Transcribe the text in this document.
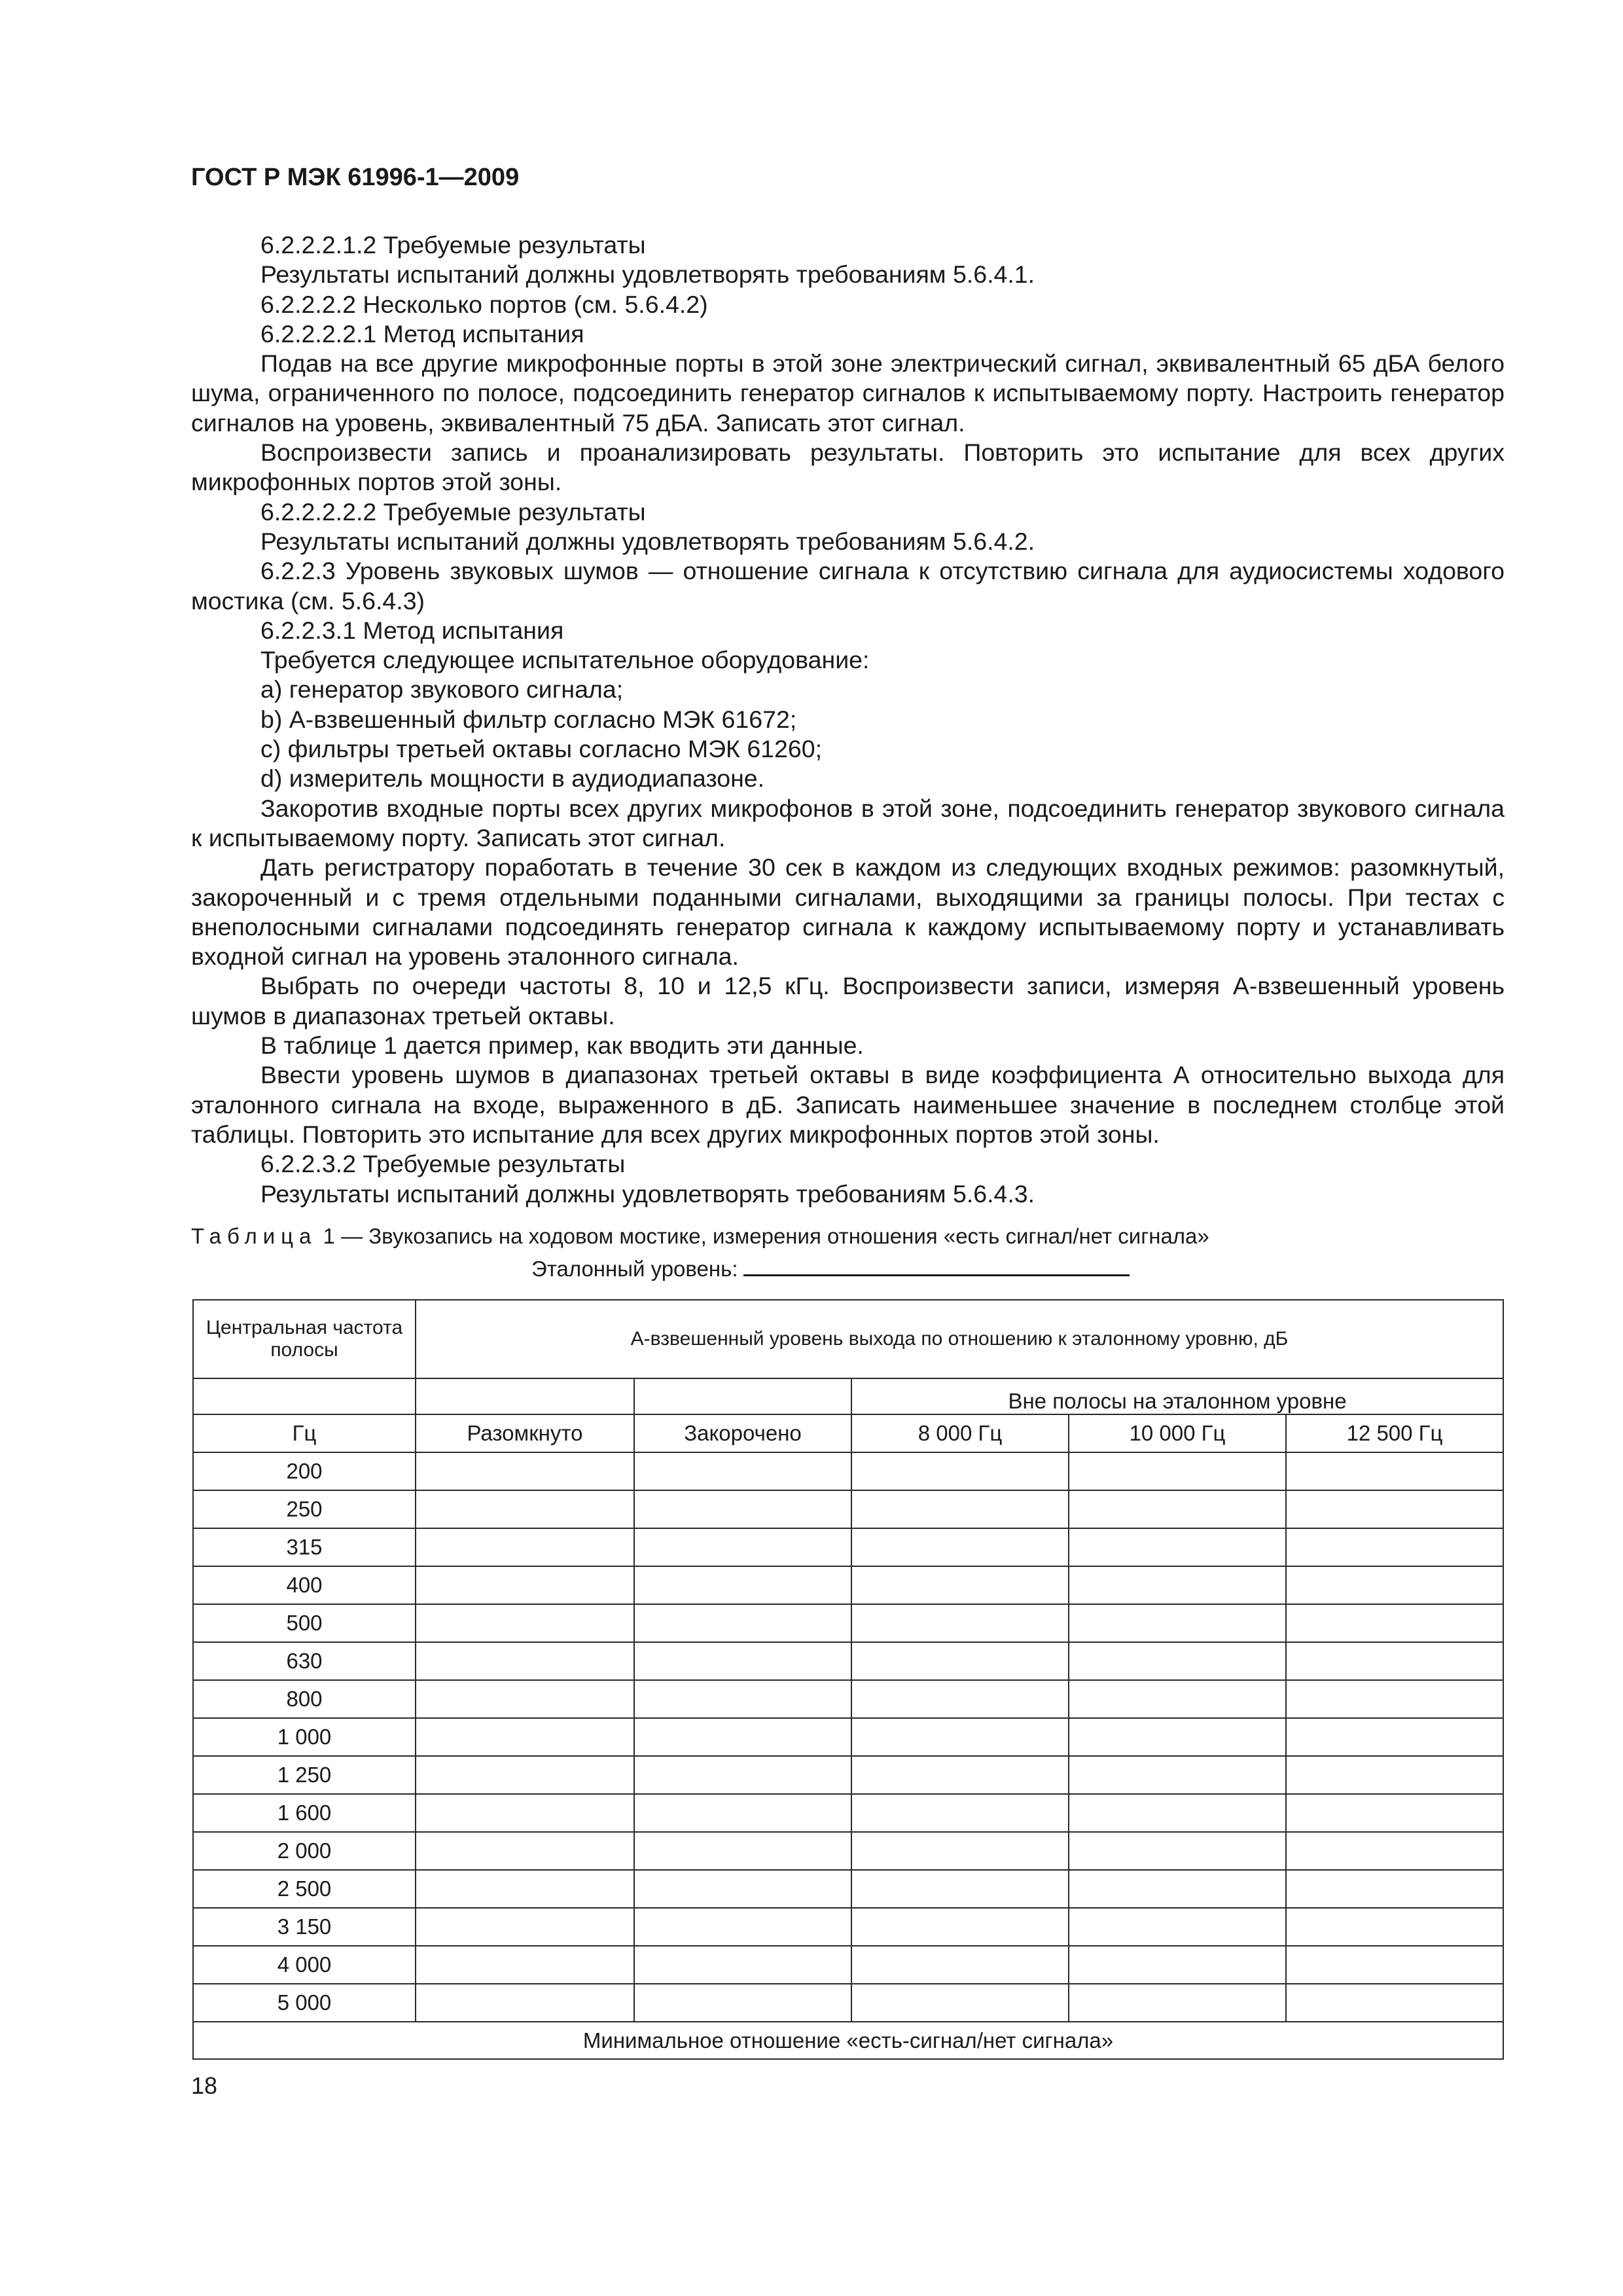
ГОСТ Р МЭК 61996-1—2009

6.2.2.2.1.2 Требуемые результаты

Результаты испытаний должны удовлетворять требованиям 5.6.4.1.

6.2.2.2.2 Несколько портов (см. 5.6.4.2)

6.2.2.2.2.1 Метод испытания

Подав на все другие микрофонные порты в этой зоне электрический сигнал, эквивалентный 65 дБА белого шума, ограниченного по полосе, подсоединить генератор сигналов к испытываемому порту. Настроить генератор сигналов на уровень, эквивалентный 75 дБА. Записать этот сигнал.

Воспроизвести запись и проанализировать результаты. Повторить это испытание для всех других микрофонных портов этой зоны.

6.2.2.2.2.2 Требуемые результаты

Результаты испытаний должны удовлетворять требованиям 5.6.4.2.

6.2.2.3 Уровень звуковых шумов — отношение сигнала к отсутствию сигнала для аудиосистемы ходового мостика (см. 5.6.4.3)

6.2.2.3.1 Метод испытания

Требуется следующее испытательное оборудование:

а) генератор звукового сигнала;

b) А-взвешенный фильтр согласно МЭК 61672;

с) фильтры третьей октавы согласно МЭК 61260;

d) измеритель мощности в аудиодиапазоне.

Закоротив входные порты всех других микрофонов в этой зоне, подсоединить генератор звукового сигнала к испытываемому порту. Записать этот сигнал.

Дать регистратору поработать в течение 30 сек в каждом из следующих входных режимов: разомкнутый, закороченный и с тремя отдельными поданными сигналами, выходящими за границы полосы. При тестах с внеполосными сигналами подсоединять генератор сигнала к каждому испытываемому порту и устанавливать входной сигнал на уровень эталонного сигнала.

Выбрать по очереди частоты 8, 10 и 12,5 кГц. Воспроизвести записи, измеряя А-взвешенный уровень шумов в диапазонах третьей октавы.

В таблице 1 дается пример, как вводить эти данные.

Ввести уровень шумов в диапазонах третьей октавы в виде коэффициента А относительно выхода для эталонного сигнала на входе, выраженного в дБ. Записать наименьшее значение в последнем столбце этой таблицы. Повторить это испытание для всех других микрофонных портов этой зоны.

6.2.2.3.2 Требуемые результаты

Результаты испытаний должны удовлетворять требованиям 5.6.4.3.

Таблица 1 — Звукозапись на ходовом мостике, измерения отношения «есть сигнал/нет сигнала»
Эталонный уровень:
Центральная частота полосы	А-взвешенный уровень выхода по отношению к эталонному уровню, дБ				
			Вне полосы на эталонном уровне		
Гц	Разомкнуто	Закорочено	8 000 Гц	10 000 Гц	12 500 Гц
200					
250					
315					
400					
500					
630					
800					
1 000					
1 250					
1 600					
2 000					
2 500					
3 150					
4 000					
5 000					
Минимальное отношение «есть-сигнал/нет сигнала»					
18
